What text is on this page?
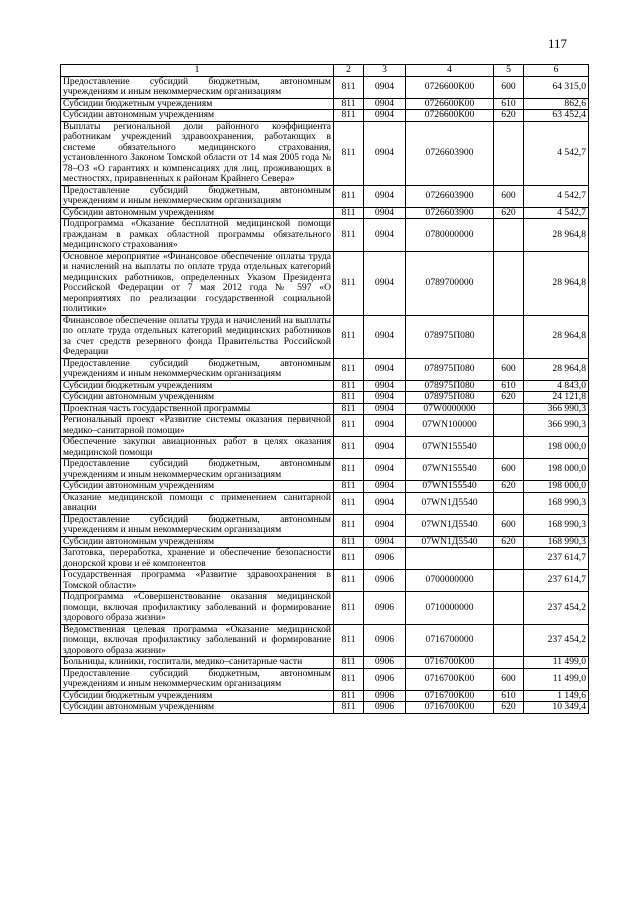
117
1	2	3	4	5	6
Предоставление субсидий бюджетным, автономным учреждениям и иным некоммерческим организациям	811	0904	0726600К00	600	64 315,0
Субсидии бюджетным учреждениям	811	0904	0726600К00	610	862,6
Субсидии автономным учреждениям	811	0904	0726600К00	620	63 452,4
Выплаты региональной доли районного коэффициента работникам учреждений здравоохранения, работающих в системе обязательного медицинского страхования, установленного Законом Томской области от 14 мая 2005 года № 78–ОЗ «О гарантиях и компенсациях для лиц, проживающих в местностях, приравненных к районам Крайнего Севера»	811	0904	0726603900		4 542,7
Предоставление субсидий бюджетным, автономным учреждениям и иным некоммерческим организациям	811	0904	0726603900	600	4 542,7
Субсидии автономным учреждениям	811	0904	0726603900	620	4 542,7
Подпрограмма «Оказание бесплатной медицинской помощи гражданам в рамках областной программы обязательного медицинского страхования»	811	0904	0780000000		28 964,8
Основное мероприятие «Финансовое обеспечение оплаты труда и начислений на выплаты по оплате труда отдельных категорий медицинских работников, определенных Указом Президента Российской Федерации от 7 мая 2012 года № 597 «О мероприятиях по реализации государственной социальной политики»	811	0904	0789700000		28 964,8
Финансовое обеспечение оплаты труда и начислений на выплаты по оплате труда отдельных категорий медицинских работников за счет средств резервного фонда Правительства Российской Федерации	811	0904	078975П080		28 964,8
Предоставление субсидий бюджетным, автономным учреждениям и иным некоммерческим организациям	811	0904	078975П080	600	28 964,8
Субсидии бюджетным учреждениям	811	0904	078975П080	610	4 843,0
Субсидии автономным учреждениям	811	0904	078975П080	620	24 121,8
Проектная часть государственной программы	811	0904	07W0000000		366 990,3
Региональный проект «Развитие системы оказания первичной медико–санитарной помощи»	811	0904	07WN100000		366 990,3
Обеспечение закупки авиационных работ в целях оказания медицинской помощи	811	0904	07WN155540		198 000,0
Предоставление субсидий бюджетным, автономным учреждениям и иным некоммерческим организациям	811	0904	07WN155540	600	198 000,0
Субсидии автономным учреждениям	811	0904	07WN155540	620	198 000,0
Оказание медицинской помощи с применением санитарной авиации	811	0904	07WN1Д5540		168 990,3
Предоставление субсидий бюджетным, автономным учреждениям и иным некоммерческим организациям	811	0904	07WN1Д5540	600	168 990,3
Субсидии автономным учреждениям	811	0904	07WN1Д5540	620	168 990,3
Заготовка, переработка, хранение и обеспечение безопасности донорской крови и её компонентов	811	0906			237 614,7
Государственная программа «Развитие здравоохранения в Томской области»	811	0906	0700000000		237 614,7
Подпрограмма «Совершенствование оказания медицинской помощи, включая профилактику заболеваний и формирование здорового образа жизни»	811	0906	0710000000		237 454,2
Ведомственная целевая программа «Оказание медицинской помощи, включая профилактику заболеваний и формирование здорового образа жизни»	811	0906	0716700000		237 454,2
Больницы, клиники, госпитали, медико–санитарные части	811	0906	0716700К00		11 499,0
Предоставление субсидий бюджетным, автономным учреждениям и иным некоммерческим организациям	811	0906	0716700К00	600	11 499,0
Субсидии бюджетным учреждениям	811	0906	0716700К00	610	1 149,6
Субсидии автономным учреждениям	811	0906	0716700К00	620	10 349,4
